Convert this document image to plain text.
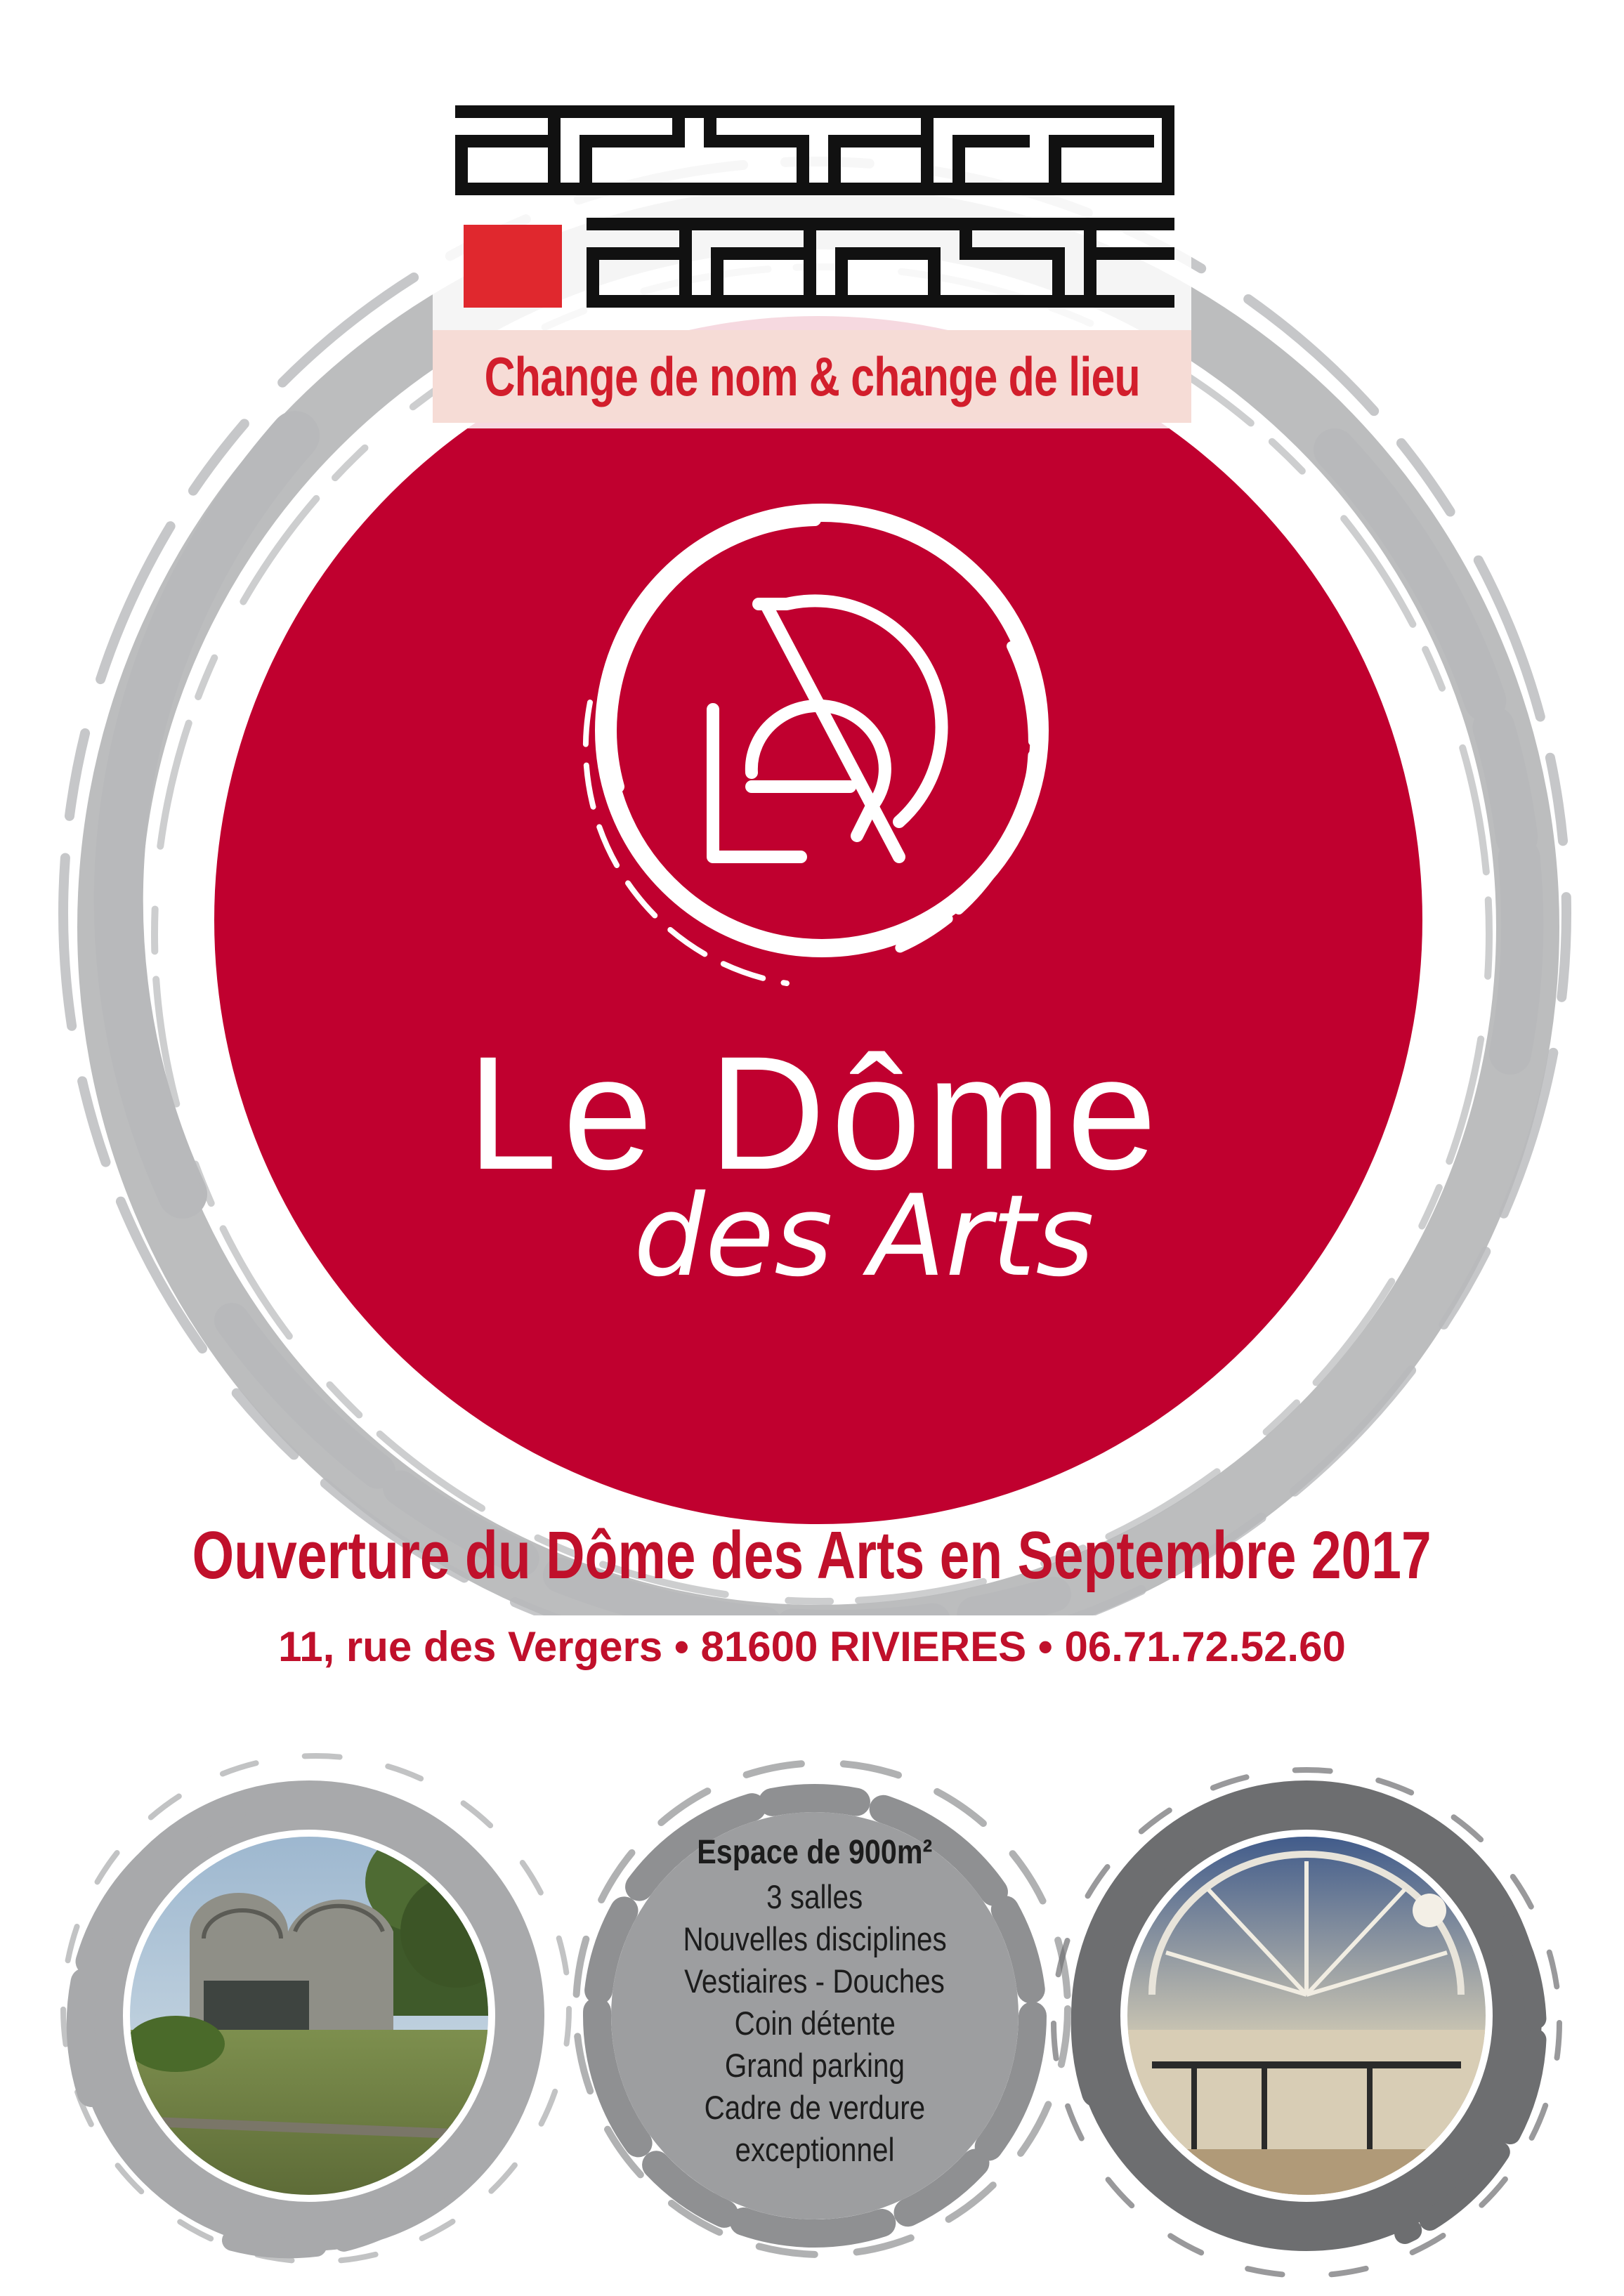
Change de nom & change de lieu
Le Dôme
des Arts
Ouverture du Dôme des Arts en Septembre 2017
11, rue des Vergers • 81600 RIVIERES • 06.71.72.52.60
Espace de 900m²
3 salles
Nouvelles disciplines
Vestiaires - Douches
Coin détente
Grand parking
Cadre de verdure
exceptionnel
